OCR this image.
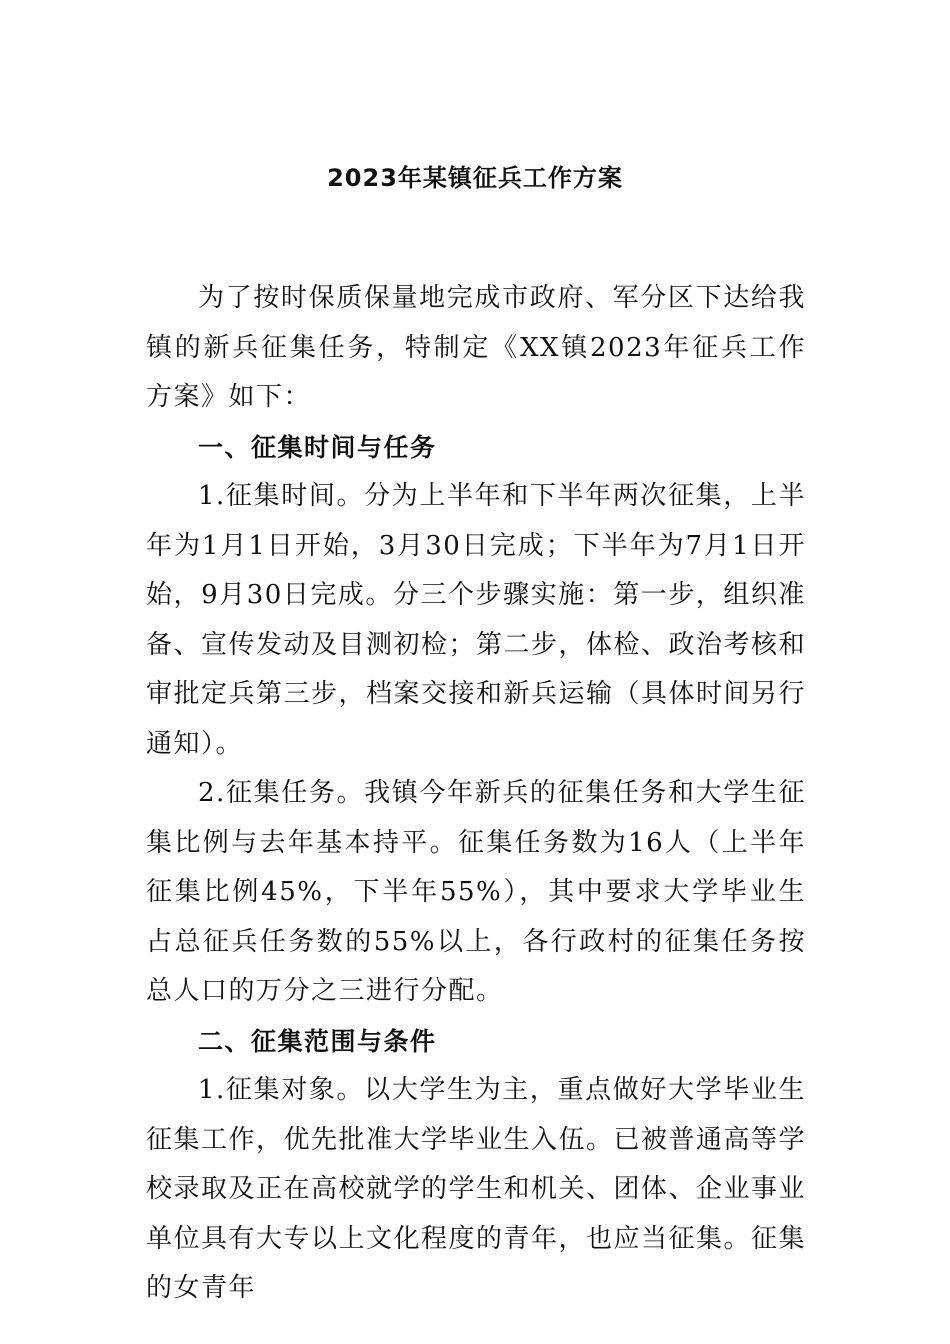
2023年某镇征兵工作方案

为了按时保质保量地完成市政府、军分区下达给我镇的新兵征集任务，特制定《XX镇2023年征兵工作方案》如下：

一、征集时间与任务

1.征集时间。分为上半年和下半年两次征集，上半年为1月1日开始，3月30日完成；下半年为7月1日开始，9月30日完成。分三个步骤实施：第一步，组织准备、宣传发动及目测初检；第二步，体检、政治考核和审批定兵第三步，档案交接和新兵运输（具体时间另行通知）。

2.征集任务。我镇今年新兵的征集任务和大学生征集比例与去年基本持平。征集任务数为16人（上半年征集比例45%，下半年55%），其中要求大学毕业生占总征兵任务数的55%以上，各行政村的征集任务按总人口的万分之三进行分配。

二、征集范围与条件

1.征集对象。以大学生为主，重点做好大学毕业生征集工作，优先批准大学毕业生入伍。已被普通高等学校录取及正在高校就学的学生和机关、团体、企业事业单位具有大专以上文化程度的青年，也应当征集。征集的女青年
